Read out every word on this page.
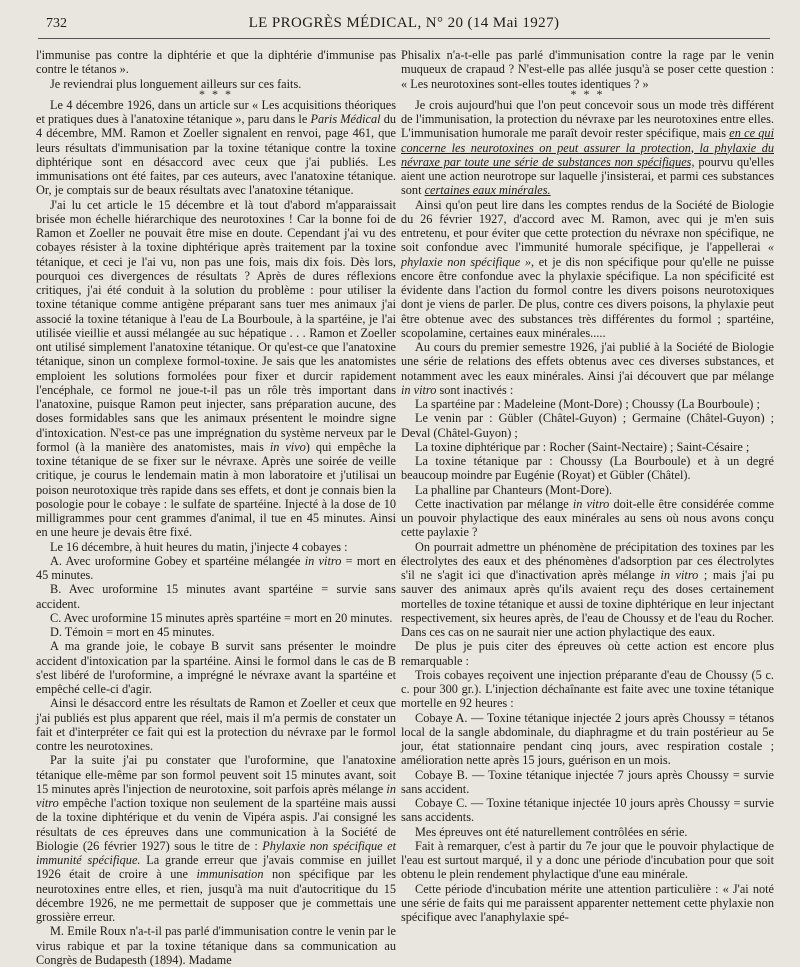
732	LE PROGRÈS MÉDICAL, N° 20 (14 Mai 1927)

l'immunise pas contre la diphtérie et que la diphtérie d'immunise pas contre le tétanos ».

Je reviendrai plus longuement ailleurs sur ces faits.

* * *

Le 4 décembre 1926, dans un article sur « Les acquisitions théoriques et pratiques dues à l'anatoxine tétanique », paru dans le Paris Médical du 4 décembre, MM. Ramon et Zoeller signalent en renvoi, page 461, que leurs résultats d'immunisation par la toxine tétanique contre la toxine diphtérique sont en désaccord avec ceux que j'ai publiés. Les immunisations ont été faites, par ces auteurs, avec l'anatoxine tétanique. Or, je comptais sur de beaux résultats avec l'anatoxine tétanique.

J'ai lu cet article le 15 décembre et là tout d'abord m'apparaissait brisée mon échelle hiérarchique des neurotoxines ! Car la bonne foi de Ramon et Zoeller ne pouvait être mise en doute. Cependant j'ai vu des cobayes résister à la toxine diphtérique après traitement par la toxine tétanique, et ceci je l'ai vu, non pas une fois, mais dix fois. Dès lors, pourquoi ces divergences de résultats ? Après de dures réflexions critiques, j'ai été conduit à la solution du problème : pour utiliser la toxine tétanique comme antigène préparant sans tuer mes animaux j'ai associé la toxine tétanique à l'eau de La Bourboule, à la spartéine, je l'ai utilisée vieillie et aussi mélangée au suc hépatique . . . Ramon et Zoeller ont utilisé simplement l'anatoxine tétanique. Or qu'est-ce que l'anatoxine tétanique, sinon un complexe formol-toxine. Je sais que les anatomistes emploient les solutions formolées pour fixer et durcir rapidement l'encéphale, ce formol ne joue-t-il pas un rôle très important dans l'anatoxine, puisque Ramon peut injecter, sans préparation aucune, des doses formidables sans que les animaux présentent le moindre signe d'intoxication. N'est-ce pas une imprégnation du système nerveux par le formol (à la manière des anatomistes, mais in vivo) qui empêche la toxine tétanique de se fixer sur le névraxe. Après une soirée de veille critique, je courus le lendemain matin à mon laboratoire et j'utilisai un poison neurotoxique très rapide dans ses effets, et dont je connais bien la posologie pour le cobaye : le sulfate de spartéine. Injecté à la dose de 10 milligrammes pour cent grammes d'animal, il tue en 45 minutes. Ainsi en une heure je devais être fixé.

Le 16 décembre, à huit heures du matin, j'injecte 4 cobayes :

A. Avec uroformine Gobey et spartéine mélangée in vitro = mort en 45 minutes.

B. Avec uroformine 15 minutes avant spartéine = survie sans accident.

C. Avec uroformine 15 minutes après spartéine = mort en 20 minutes.

D. Témoin = mort en 45 minutes.

A ma grande joie, le cobaye B survit sans présenter le moindre accident d'intoxication par la spartéine. Ainsi le formol dans le cas de B s'est libéré de l'uroformine, a imprégné le névraxe avant la spartéine et empêché celle-ci d'agir.

Ainsi le désaccord entre les résultats de Ramon et Zoeller et ceux que j'ai publiés est plus apparent que réel, mais il m'a permis de constater un fait et d'interpréter ce fait qui est la protection du névraxe par le formol contre les neurotoxines.

Par la suite j'ai pu constater que l'uroformine, que l'anatoxine tétanique elle-même par son formol peuvent soit 15 minutes avant, soit 15 minutes après l'injection de neurotoxine, soit parfois après mélange in vitro empêche l'action toxique non seulement de la spartéine mais aussi de la toxine diphtérique et du venin de Vipéra aspis. J'ai consigné les résultats de ces épreuves dans une communication à la Société de Biologie (26 février 1927) sous le titre de : Phylaxie non spécifique et immunité spécifique. La grande erreur que j'avais commise en juillet 1926 était de croire à une immunisation non spécifique par les neurotoxines entre elles, et rien, jusqu'à ma nuit d'autocritique du 15 décembre 1926, ne me permettait de supposer que je commettais une grossière erreur.

M. Emile Roux n'a-t-il pas parlé d'immunisation contre le venin par le virus rabique et par la toxine tétanique dans sa communication au Congrès de Budapesth (1894). Madame

Phisalix n'a-t-elle pas parlé d'immunisation contre la rage par le venin muqueux de crapaud ? N'est-elle pas allée jusqu'à se poser cette question : « Les neurotoxines sont-elles toutes identiques ? »

* * *

Je crois aujourd'hui que l'on peut concevoir sous un mode très différent de l'immunisation, la protection du névraxe par les neurotoxines entre elles. L'immunisation humorale me paraît devoir rester spécifique, mais en ce qui concerne les neurotoxines on peut assurer la protection, la phylaxie du névraxe par toute une série de substances non spécifiques, pourvu qu'elles aient une action neurotrope sur laquelle j'insisterai, et parmi ces substances sont certaines eaux minérales.

Ainsi qu'on peut lire dans les comptes rendus de la Société de Biologie du 26 février 1927, d'accord avec M. Ramon, avec qui je m'en suis entretenu, et pour éviter que cette protection du névraxe non spécifique, ne soit confondue avec l'immunité humorale spécifique, je l'appellerai « phylaxie non spécifique », et je dis non spécifique pour qu'elle ne puisse encore être confondue avec la phylaxie spécifique. La non spécificité est évidente dans l'action du formol contre les divers poisons neurotoxiques dont je viens de parler. De plus, contre ces divers poisons, la phylaxie peut être obtenue avec des substances très différentes du formol ; spartéine, scopolamine, certaines eaux minérales.....

Au cours du premier semestre 1926, j'ai publié à la Société de Biologie une série de relations des effets obtenus avec ces diverses substances, et notamment avec les eaux minérales. Ainsi j'ai découvert que par mélange in vitro sont inactivés :

La spartéine par : Madeleine (Mont-Dore) ; Choussy (La Bourboule) ;

Le venin par : Gübler (Châtel-Guyon) ; Germaine (Châtel-Guyon) ; Deval (Châtel-Guyon) ;

La toxine diphtérique par : Rocher (Saint-Nectaire) ; Saint-Césaire ;

La toxine tétanique par : Choussy (La Bourboule) et à un degré beaucoup moindre par Eugénie (Royat) et Gübler (Châtel).

La phalline par Chanteurs (Mont-Dore).

Cette inactivation par mélange in vitro doit-elle être considérée comme un pouvoir phylactique des eaux minérales au sens où nous avons conçu cette paylaxie ?

On pourrait admettre un phénomène de précipitation des toxines par les électrolytes des eaux et des phénomènes d'adsorption par ces électrolytes s'il ne s'agit ici que d'inactivation après mélange in vitro ; mais j'ai pu sauver des animaux après qu'ils avaient reçu des doses certainement mortelles de toxine tétanique et aussi de toxine diphtérique en leur injectant respectivement, six heures après, de l'eau de Choussy et de l'eau du Rocher. Dans ces cas on ne saurait nier une action phylactique des eaux.

De plus je puis citer des épreuves où cette action est encore plus remarquable :

Trois cobayes reçoivent une injection préparante d'eau de Choussy (5 c. c. pour 300 gr.). L'injection déchaînante est faite avec une toxine tétanique mortelle en 92 heures :

Cobaye A. — Toxine tétanique injectée 2 jours après Choussy = tétanos local de la sangle abdominale, du diaphragme et du train postérieur au 5e jour, état stationnaire pendant cinq jours, avec respiration costale ; amélioration nette après 15 jours, guérison en un mois.

Cobaye B. — Toxine tétanique injectée 7 jours après Choussy = survie sans accident.

Cobaye C. — Toxine tétanique injectée 10 jours après Choussy = survie sans accidents.

Mes épreuves ont été naturellement contrôlées en série.

Fait à remarquer, c'est à partir du 7e jour que le pouvoir phylactique de l'eau est surtout marqué, il y a donc une période d'incubation pour que soit obtenu le plein rendement phylactique d'une eau minérale.

Cette période d'incubation mérite une attention particulière : « J'ai noté une série de faits qui me paraissent apparenter nettement cette phylaxie non spécifique avec l'anaphylaxie spé-
